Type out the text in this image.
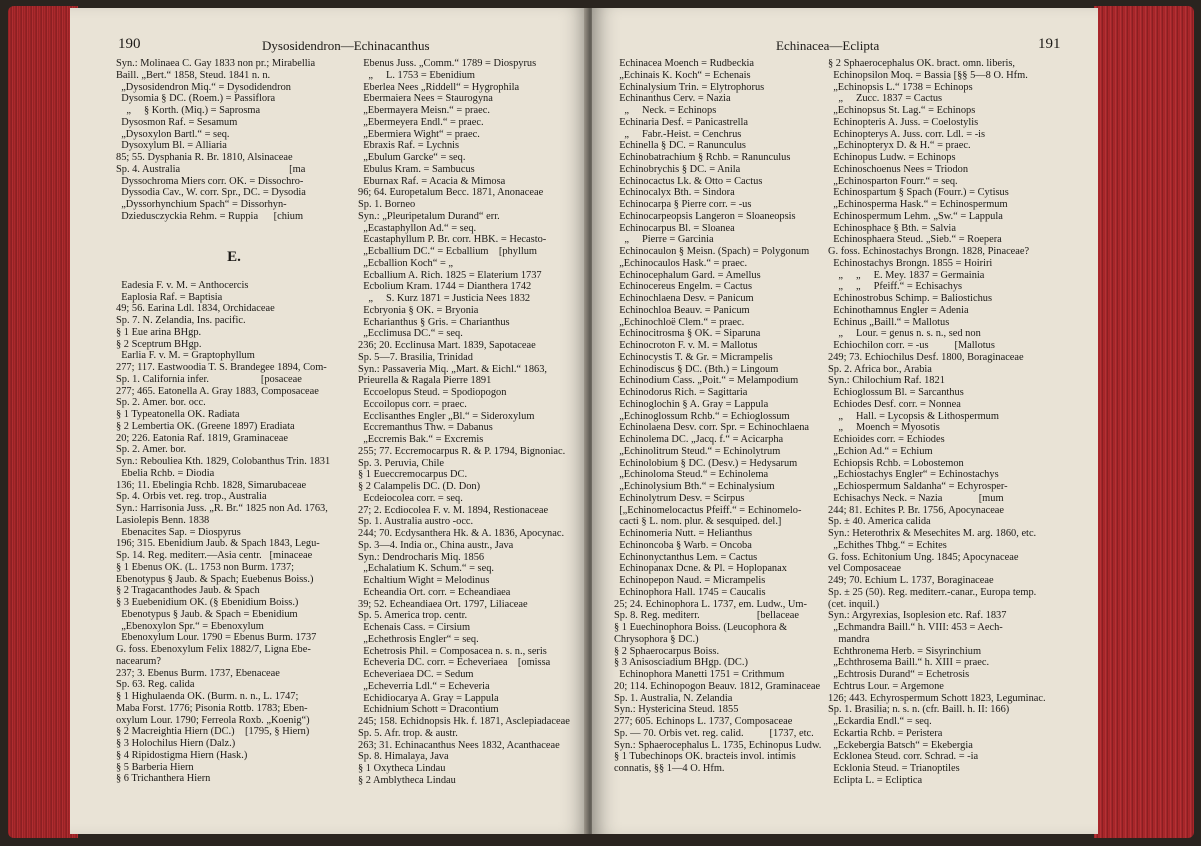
190	Dysosidendron—Echinacanthus
Syn.: Molinaea C. Gay 1833 non pr.; Mirabellia
Baill. „Bert.“ 1858, Steud. 1841 n. n.
„Dysosidendron Miq.“ = Dysodidendron
Dysomia § DC. (Roem.) = Passiflora
„     § Korth. (Miq.) = Saprosma
Dysosmon Raf. = Sesamum
„Dysoxylon Bartl.“ = seq.
Dysoxylum Bl. = Alliaria
85; 55. Dysphania R. Br. 1810, Alsinaceae
Sp. 4. Australia                                          [ma
Dyssochroma Miers corr. OK. = Dissochro-
Dyssodia Cav., W. corr. Spr., DC. = Dysodia
„Dyssorhynchium Spach“ = Dissorhyn-
Dziedusczyckia Rehm. = Ruppia      [chium
E.
Eadesia F. v. M. = Anthocercis
Eaplosia Raf. = Baptisia
49; 56. Earina Ldl. 1834, Orchidaceae
Sp. 7. N. Zelandia, Ins. pacific.
§ 1 Eue arina BHgp.
§ 2 Sceptrum BHgp.
Earlia F. v. M. = Graptophyllum
277; 117. Eastwoodia T. S. Brandegee 1894, Com-
Sp. 1. California infer.                    [posaceae
277; 465. Eatonella A. Gray 1883, Composaceae
Sp. 2. Amer. bor. occ.
§ 1 Typeatonella OK. Radiata
§ 2 Lembertia OK. (Greene 1897) Eradiata
20; 226. Eatonia Raf. 1819, Graminaceae
Sp. 2. Amer. bor.
Syn.: Rebouliea Kth. 1829, Colobanthus Trin. 1831
Ebelia Rchb. = Diodia
136; 11. Ebelingia Rchb. 1828, Simarubaceae
Sp. 4. Orbis vet. reg. trop., Australia
Syn.: Harrisonia Juss. „R. Br.“ 1825 non Ad. 1763,
Lasiolepis Benn. 1838
Ebenacites Sap. = Diospyrus
196; 315. Ebenidium Jaub. & Spach 1843, Legu-
Sp. 14. Reg. mediterr.—Asia centr.   [minaceae
§ 1 Ebenus OK. (L. 1753 non Burm. 1737;
Ebenotypus § Jaub. & Spach; Euebenus Boiss.)
§ 2 Tragacanthodes Jaub. & Spach
§ 3 Euebenidium OK. (§ Ebenidium Boiss.)
Ebenotypus § Jaub. & Spach = Ebenidium
„Ebenoxylon Spr.“ = Ebenoxylum
Ebenoxylum Lour. 1790 = Ebenus Burm. 1737
G. foss. Ebenoxylum Felix 1882/7, Ligna Ebe-
nacearum?
237; 3. Ebenus Burm. 1737, Ebenaceae
Sp. 63. Reg. calida
§ 1 Highulaenda OK. (Burm. n. n., L. 1747;
Maba Forst. 1776; Pisonia Rottb. 1783; Eben-
oxylum Lour. 1790; Ferreola Roxb. „Koenig“)
§ 2 Macreightia Hiern (DC.)    [1795, § Hiern)
§ 3 Holochilus Hiern (Dalz.)
§ 4 Ripidostigma Hiern (Hask.)
§ 5 Barberia Hiern
§ 6 Trichanthera Hiern
Ebenus Juss. „Comm.“ 1789 = Diospyrus
„     L. 1753 = Ebenidium
Eberlea Nees „Riddell“ = Hygrophila
Ebermaiera Nees = Staurogyna
„Ebermayera Meisn.“ = praec.
„Ebermeyera Endl.“ = praec.
„Ebermiera Wight“ = praec.
Ebraxis Raf. = Lychnis
„Ebulum Garcke“ = seq.
Ebulus Kram. = Sambucus
Eburnax Raf. = Acacia & Mimosa
96; 64. Europetalum Becc. 1871, Anonaceae
Sp. 1. Borneo
Syn.: „Pleuripetalum Durand“ err.
„Ecastaphyllon Ad.“ = seq.
Ecastaphyllum P. Br. corr. HBK. = Hecasto-
„Ecballium DC.“ = Ecballium    [phyllum
„Ecballion Koch“ = „
Ecballium A. Rich. 1825 = Elaterium 1737
Ecbolium Kram. 1744 = Dianthera 1742
„     S. Kurz 1871 = Justicia Nees 1832
Ecbryonia § OK. = Bryonia
Echarianthus § Gris. = Charianthus
„Ecclimusa DC.“ = seq.
236; 20. Ecclinusa Mart. 1839, Sapotaceae
Sp. 5—7. Brasilia, Trinidad
Syn.: Passaveria Miq. „Mart. & Eichl.“ 1863,
Prieurella & Ragala Pierre 1891
Eccoelopus Steud. = Spodiopogon
Eccoilopus corr. = praec.
Ecclisanthes Engler „Bl.“ = Sideroxylum
Eccremanthus Thw. = Dabanus
„Eccremis Bak.“ = Excremis
255; 77. Eccremocarpus R. & P. 1794, Bignoniac.
Sp. 3. Peruvia, Chile
§ 1 Eueccremocarpus DC.
§ 2 Calampelis DC. (D. Don)
Ecdeiocolea corr. = seq.
27; 2. Ecdiocolea F. v. M. 1894, Restionaceae
Sp. 1. Australia austro -occ.
244; 70. Ecdysanthera Hk. & A. 1836, Apocynac.
Sp. 3—4. India or., China austr., Java
Syn.: Dendrocharis Miq. 1856
„Echalatium K. Schum.“ = seq.
Echaltium Wight = Melodinus
Echeandia Ort. corr. = Echeandiaea
39; 52. Echeandiaea Ort. 1797, Liliaceae
Sp. 5. America trop. centr.
Echenais Cass. = Cirsium
„Echethrosis Engler“ = seq.
Echetrosis Phil. = Composacea n. s. n., seris
Echeveria DC. corr. = Echeveriaea    [omissa
Echeveriaea DC. = Sedum
„Echeverria Ldl.“ = Echeveria
Echidiocarya A. Gray = Lappula
Echidnium Schott = Dracontium
245; 158. Echidnopsis Hk. f. 1871, Asclepiadaceae
Sp. 5. Afr. trop. & austr.
263; 31. Echinacanthus Nees 1832, Acanthaceae
Sp. 8. Himalaya, Java
§ 1 Oxytheca Lindau
§ 2 Amblytheca Lindau
Echinacea—Eclipta	191
Echinacea Moench = Rudbeckia
„Echinais K. Koch“ = Echenais
Echinalysium Trin. = Elytrophorus
Echinanthus Cerv. = Nazia
„     Neck. = Echinops
Echinaria Desf. = Panicastrella
„     Fabr.-Heist. = Cenchrus
Echinella § DC. = Ranunculus
Echinobatrachium § Rchb. = Ranunculus
Echinobrychis § DC. = Anila
Echinocactus Lk. & Otto = Cactus
Echinocalyx Bth. = Sindora
Echinocarpa § Pierre corr. = -us
Echinocarpeopsis Langeron = Sloaneopsis
Echinocarpus Bl. = Sloanea
„     Pierre = Garcinia
Echinocaulon § Meisn. (Spach) = Polygonum
„Echinocaulos Hask.“ = praec.
Echinocephalum Gard. = Amellus
Echinocereus Engelm. = Cactus
Echinochlaena Desv. = Panicum
Echinochloa Beauv. = Panicum
„Echinochloë Clem.“ = praec.
Echinocitrosma § OK. = Siparuna
Echinocroton F. v. M. = Mallotus
Echinocystis T. & Gr. = Micrampelis
Echinodiscus § DC. (Bth.) = Lingoum
Echinodium Cass. „Poit.“ = Melampodium
Echinodorus Rich. = Sagittaria
Echinoglochin § A. Gray = Lappula
„Echinoglossum Rchb.“ = Echioglossum
Echinolaena Desv. corr. Spr. = Echinochlaena
Echinolema DC. „Jacq. f.“ = Acicarpha
„Echinolitrum Steud.“ = Echinolytrum
Echinolobium § DC. (Desv.) = Hedysarum
„Echinoloma Steud.“ = Echinolema
„Echinolysium Bth.“ = Echinalysium
Echinolytrum Desv. = Scirpus
[„Echinomelocactus Pfeiff.“ = Echinomelo-
cacti § L. nom. plur. & sesquiped. del.]
Echinomeria Nutt. = Helianthus
Echinoncoba § Warb. = Oncoba
Echinonyctanthus Lem. = Cactus
Echinopanax Dcne. & Pl. = Hoplopanax
Echinopepon Naud. = Micrampelis
Echinophora Hall. 1745 = Caucalis
25; 24. Echinophora L. 1737, em. Ludw., Um-
Sp. 8. Reg. mediterr.                      [bellaceae
§ 1 Euechinophora Boiss. (Leucophora &
Chrysophora § DC.)
§ 2 Sphaerocarpus Boiss.
§ 3 Anisosciadium BHgp. (DC.)
Echinophora Manetti 1751 = Crithmum
20; 114. Echinopogon Beauv. 1812, Graminaceae
Sp. 1. Australia, N. Zelandia
Syn.: Hystericina Steud. 1855
277; 605. Echinops L. 1737, Composaceae
Sp. — 70. Orbis vet. reg. calid.          [1737, etc.
Syn.: Sphaerocephalus L. 1735, Echinopus Ludw.
§ 1 Tubechinops OK. bracteis invol. intimis
connatis, §§ 1—4 O. Hfm.
§ 2 Sphaerocephalus OK. bract. omn. liberis,
Echinopsilon Moq. = Bassia [§§ 5—8 O. Hfm.
„Echinopsis L.“ 1738 = Echinops
„     Zucc. 1837 = Cactus
„Echinopsus St. Lag.“ = Echinops
Echinopteris A. Juss. = Coelostylis
Echinopterys A. Juss. corr. Ldl. = -is
„Echinopteryx D. & H.“ = praec.
Echinopus Ludw. = Echinops
Echinoschoenus Nees = Triodon
„Echinosparton Fourr.“ = seq.
Echinospartum § Spach (Fourr.) = Cytisus
„Echinosperma Hask.“ = Echinospermum
Echinospermum Lehm. „Sw.“ = Lappula
Echinosphace § Bth. = Salvia
Echinosphaera Steud. „Sieb.“ = Roepera
G. foss. Echinostachys Brongn. 1828, Pinaceae?
Echinostachys Brongn. 1855 = Hoiriri
„     „     E. Mey. 1837 = Germainia
„     „     Pfeiff.“ = Echisachys
Echinostrobus Schimp. = Baliostichus
Echinothamnus Engler = Adenia
Echinus „Baill.“ = Mallotus
„     Lour. = genus n. s. n., sed non
Echiochilon corr. = -us          [Mallotus
249; 73. Echiochilus Desf. 1800, Boraginaceae
Sp. 2. Africa bor., Arabia
Syn.: Chilochium Raf. 1821
Echioglossum Bl. = Sarcanthus
Echiodes Desf. corr. = Nonnea
„     Hall. = Lycopsis & Lithospermum
„     Moench = Myosotis
Echioides corr. = Echiodes
„Echion Ad.“ = Echium
Echiopsis Rchb. = Lobostemon
„Echiostachys Engler“ = Echinostachys
„Echiospermum Saldanha“ = Echyrosper-
Echisachys Neck. = Nazia              [mum
244; 81. Echites P. Br. 1756, Apocynaceae
Sp. ± 40. America calida
Syn.: Heterothrix & Mesechites M. arg. 1860, etc.
„Echithes Thbg.“ = Echites
G. foss. Echitonium Ung. 1845; Apocynaceae
vel Composaceae
249; 70. Echium L. 1737, Boraginaceae
Sp. ± 25 (50). Reg. mediterr.-canar., Europa temp.
(cet. inquil.)
Syn.: Argyrexias, Isoplesion etc. Raf. 1837
„Echmandra Baill.“ h. VIII: 453 = Aech-
mandra
Echthronema Herb. = Sisyrinchium
„Echthrosema Baill.“ h. XIII = praec.
„Echtrosis Durand“ = Echetrosis
Echtrus Lour. = Argemone
126; 443. Echyrospermum Schott 1823, Leguminac.
Sp. 1. Brasilia; n. s. n. (cfr. Baill. h. II: 166)
„Eckardia Endl.“ = seq.
Eckartia Rchb. = Peristera
„Eckebergia Batsch“ = Ekebergia
Ecklonea Steud. corr. Schrad. = -ia
Ecklonia Steud. = Trianoptiles
Eclipta L. = Ecliptica
